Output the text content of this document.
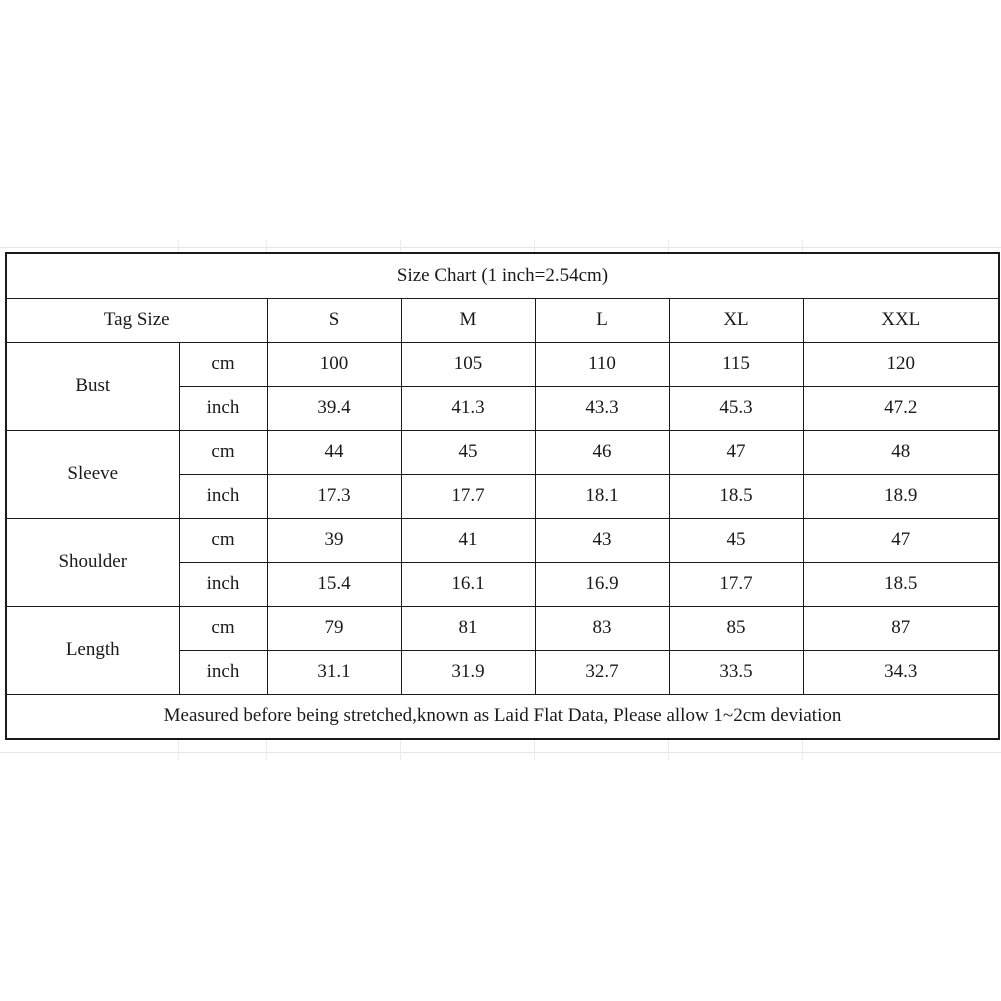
Size Chart (1 inch=2.54cm)						
Tag Size		S	M	L	XL	XXL
Bust	cm	100	105	110	115	120
	inch	39.4	41.3	43.3	45.3	47.2
Sleeve	cm	44	45	46	47	48
	inch	17.3	17.7	18.1	18.5	18.9
Shoulder	cm	39	41	43	45	47
	inch	15.4	16.1	16.9	17.7	18.5
Length	cm	79	81	83	85	87
	inch	31.1	31.9	32.7	33.5	34.3
Measured before being stretched,known as Laid Flat Data, Please allow 1~2cm deviation						
